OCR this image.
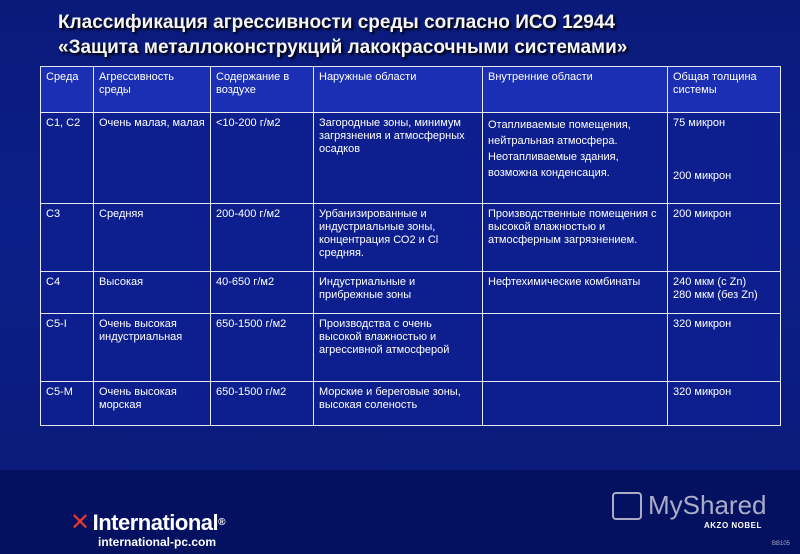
Классификация агрессивности среды согласно ИСО 12944
«Защита металлоконструкций лакокрасочными системами»
Среда	Агрессивность среды	Содержание в воздухе	Наружные области	Внутренние области	Общая толщина системы
С1, С2	Очень малая, малая	<10-200 г/м2	Загородные зоны, минимум загрязнения и атмосферных осадков	Отапливаемые помещения, нейтральная атмосфера. Неотапливаемые здания, возможна конденсация.	75 микрон
200 микрон

С3	Средняя	200-400 г/м2	Урбанизированные и индустриальные зоны, концентрация СО2 и Cl средняя.	Производственные помещения с высокой влажностью и атмосферным загрязнением.	200 микрон

С4	Высокая	40-650 г/м2	Индустриальные и прибрежные зоны	Нефтехимические комбинаты	240 мкм (с Zn)
280 мкм (без Zn)

С5-I	Очень высокая индустриальная	650-1500 г/м2	Производства с очень высокой влажностью и агрессивной атмосферой		320 микрон

С5-М	Очень высокая морская	650-1500 г/м2	Морские и береговые зоны, высокая соленость		320 микрон
✕ International ®
international-pc.com
MyShared
AKZO NOBEL
BB105
